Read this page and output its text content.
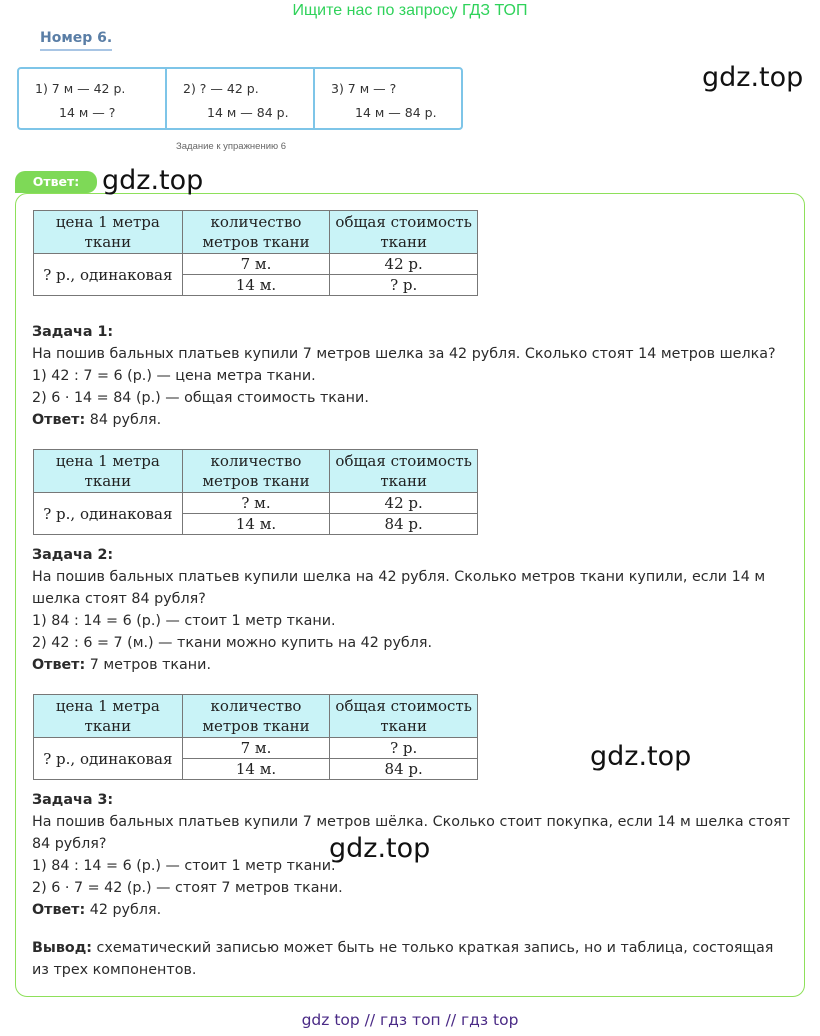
Ищите нас по запросу ГДЗ ТОП
Номер 6.
1) 7 м — 42 р.
14 м — ?
2) ? — 42 р.
14 м — 84 р.
3) 7 м — ?
14 м — 84 р.
Задание к упражнению 6
gdz.top
Ответ: gdz.top
цена 1 метра ткани	количество метров ткани	общая стоимость ткани
? р., одинаковая	7 м.	42 р.
	14 м.	? р.
Задача 1:
На пошив бальных платьев купили 7 метров шелка за 42 рубля. Сколько стоят 14 метров шелка?
1) 42 : 7 = 6 (р.) — цена метра ткани.
2) 6 · 14 = 84 (р.) — общая стоимость ткани.
Ответ: 84 рубля.
цена 1 метра ткани	количество метров ткани	общая стоимость ткани
? р., одинаковая	? м.	42 р.
	14 м.	84 р.
Задача 2:
На пошив бальных платьев купили шелка на 42 рубля. Сколько метров ткани купили, если 14 м шелка стоят 84 рубля?
1) 84 : 14 = 6 (р.) — стоит 1 метр ткани.
2) 42 : 6 = 7 (м.) — ткани можно купить на 42 рубля.
Ответ: 7 метров ткани.
цена 1 метра ткани	количество метров ткани	общая стоимость ткани
? р., одинаковая	7 м.	? р.
	14 м.	84 р.	gdz.top
Задача 3:
На пошив бальных платьев купили 7 метров шёлка. Сколько стоит покупка, если 14 м шелка стоят 84 рубля?
1) 84 : 14 = 6 (р.) — стоит 1 метр ткани.
2) 6 · 7 = 42 (р.) — стоят 7 метров ткани.
Ответ: 42 рубля.
gdz.top
Вывод: схематический записью может быть не только краткая запись, но и таблица, состоящая из трех компонентов.
gdz top // гдз топ // гдз top
